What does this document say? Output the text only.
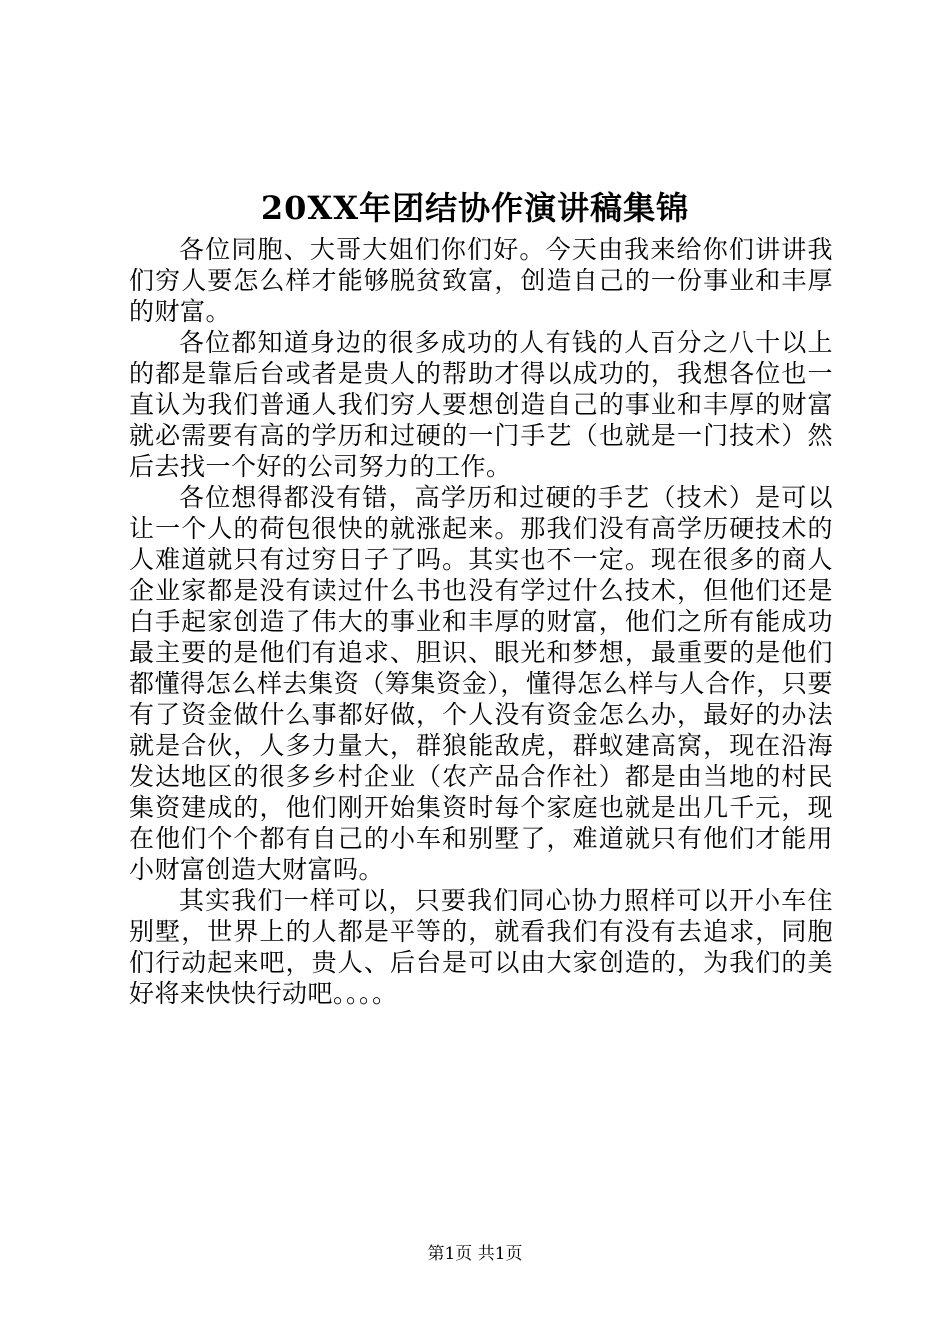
20XX年团结协作演讲稿集锦

各位同胞、大哥大姐们你们好。今天由我来给你们讲讲我们穷人要怎么样才能够脱贫致富，创造自己的一份事业和丰厚的财富。

各位都知道身边的很多成功的人有钱的人百分之八十以上的都是靠后台或者是贵人的帮助才得以成功的，我想各位也一直认为我们普通人我们穷人要想创造自己的事业和丰厚的财富就必需要有高的学历和过硬的一门手艺（也就是一门技术）然后去找一个好的公司努力的工作。

各位想得都没有错，高学历和过硬的手艺（技术）是可以让一个人的荷包很快的就涨起来。那我们没有高学历硬技术的人难道就只有过穷日子了吗。其实也不一定。现在很多的商人企业家都是没有读过什么书也没有学过什么技术，但他们还是白手起家创造了伟大的事业和丰厚的财富，他们之所有能成功最主要的是他们有追求、胆识、眼光和梦想，最重要的是他们都懂得怎么样去集资（筹集资金），懂得怎么样与人合作，只要有了资金做什么事都好做，个人没有资金怎么办，最好的办法就是合伙，人多力量大，群狼能敌虎，群蚁建高窝，现在沿海发达地区的很多乡村企业（农产品合作社）都是由当地的村民集资建成的，他们刚开始集资时每个家庭也就是出几千元，现在他们个个都有自己的小车和别墅了，难道就只有他们才能用小财富创造大财富吗。

其实我们一样可以，只要我们同心协力照样可以开小车住别墅，世界上的人都是平等的，就看我们有没有去追求，同胞们行动起来吧，贵人、后台是可以由大家创造的，为我们的美好将来快快行动吧。。。。

第1页 共1页
